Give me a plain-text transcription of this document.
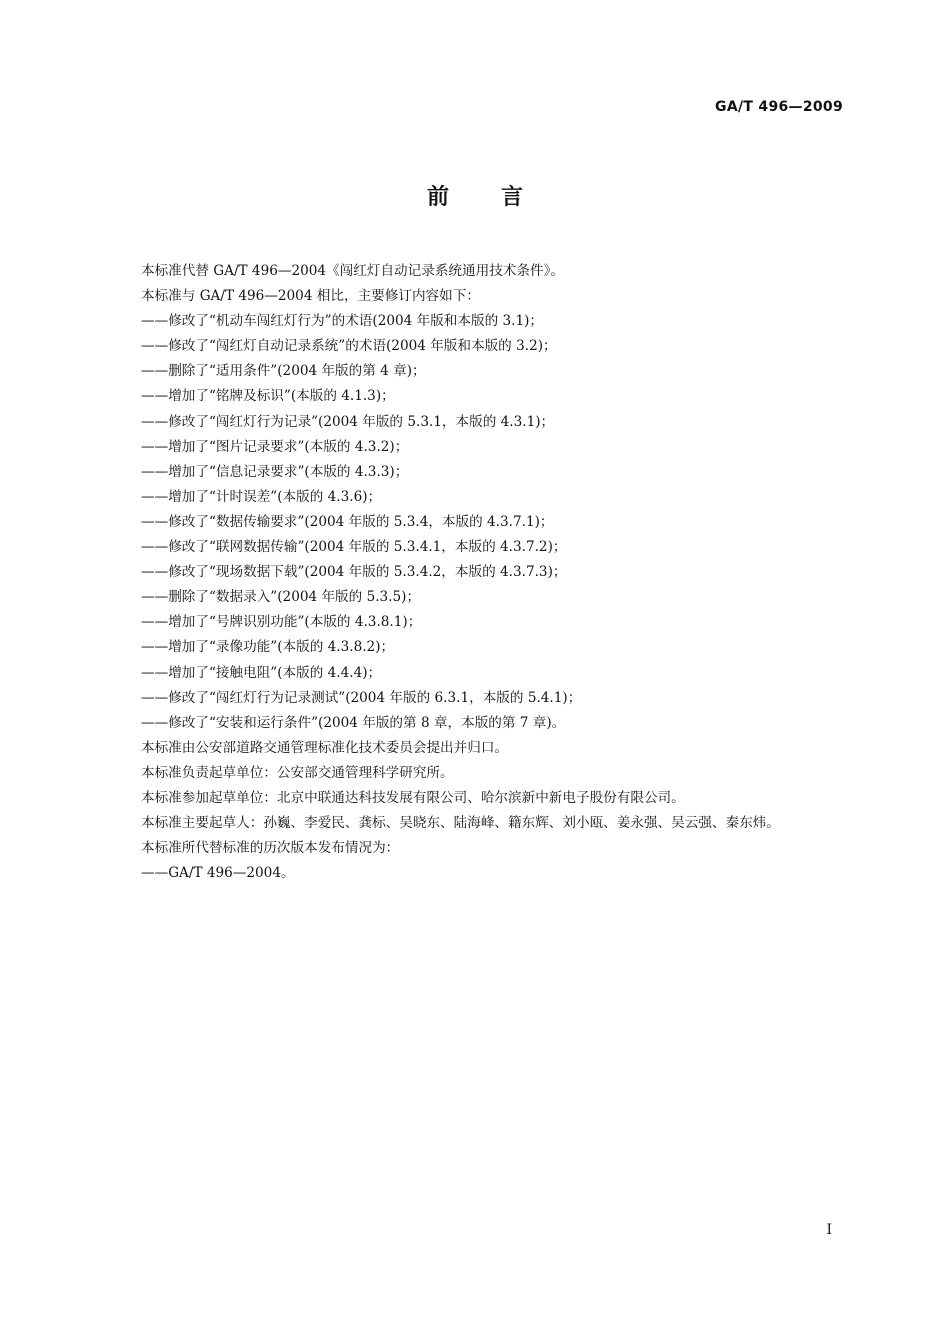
GA/T 496—2009
前言
本标准代替 GA/T 496—2004《闯红灯自动记录系统通用技术条件》。
本标准与 GA/T 496—2004 相比，主要修订内容如下：
——修改了“机动车闯红灯行为”的术语(2004 年版和本版的 3.1)；
——修改了“闯红灯自动记录系统”的术语(2004 年版和本版的 3.2)；
——删除了“适用条件”(2004 年版的第 4 章)；
——增加了“铭牌及标识”(本版的 4.1.3)；
——修改了“闯红灯行为记录”(2004 年版的 5.3.1，本版的 4.3.1)；
——增加了“图片记录要求”(本版的 4.3.2)；
——增加了“信息记录要求”(本版的 4.3.3)；
——增加了“计时误差”(本版的 4.3.6)；
——修改了“数据传输要求”(2004 年版的 5.3.4，本版的 4.3.7.1)；
——修改了“联网数据传输”(2004 年版的 5.3.4.1，本版的 4.3.7.2)；
——修改了“现场数据下载”(2004 年版的 5.3.4.2，本版的 4.3.7.3)；
——删除了“数据录入”(2004 年版的 5.3.5)；
——增加了“号牌识别功能”(本版的 4.3.8.1)；
——增加了“录像功能”(本版的 4.3.8.2)；
——增加了“接触电阻”(本版的 4.4.4)；
——修改了“闯红灯行为记录测试”(2004 年版的 6.3.1，本版的 5.4.1)；
——修改了“安装和运行条件”(2004 年版的第 8 章，本版的第 7 章)。
本标准由公安部道路交通管理标准化技术委员会提出并归口。
本标准负责起草单位：公安部交通管理科学研究所。
本标准参加起草单位：北京中联通达科技发展有限公司、哈尔滨新中新电子股份有限公司。
本标准主要起草人：孙巍、李爱民、龚标、吴晓东、陆海峰、籍东辉、刘小瓯、姜永强、吴云强、秦东炜。
本标准所代替标准的历次版本发布情况为：
——GA/T 496—2004。
I
